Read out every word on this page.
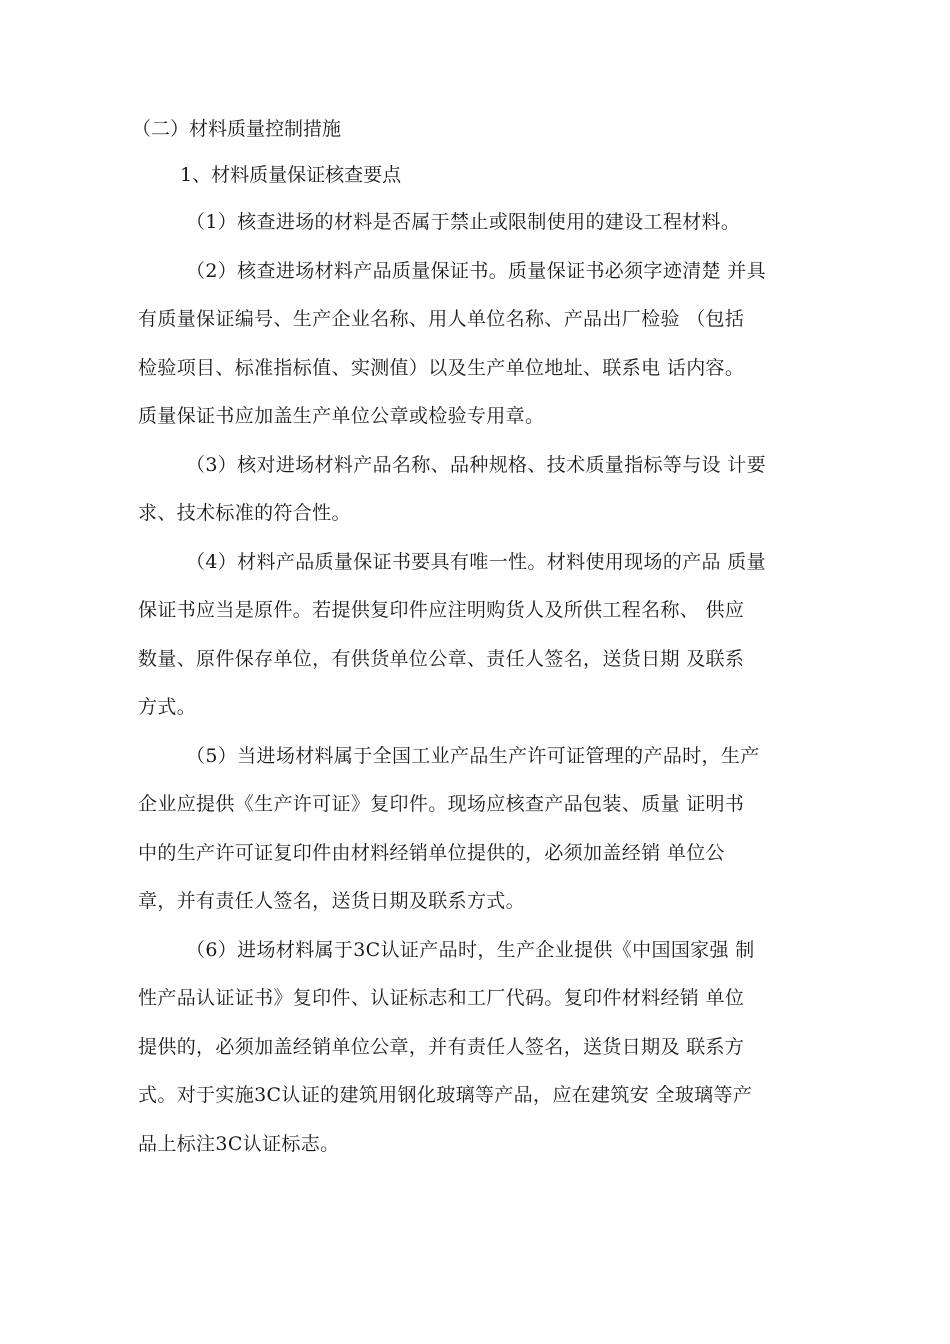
（二）材料质量控制措施

1、材料质量保证核查要点

（1）核查进场的材料是否属于禁止或限制使用的建设工程材料。
（2）核查进场材料产品质量保证书。质量保证书必须字迹清楚 并具
有质量保证编号、生产企业名称、用人单位名称、产品出厂检验 （包括
检验项目、标准指标值、实测值）以及生产单位地址、联系电 话内容。
质量保证书应加盖生产单位公章或检验专用章。
（3）核对进场材料产品名称、品种规格、技术质量指标等与设 计要
求、技术标准的符合性。
（4）材料产品质量保证书要具有唯一性。材料使用现场的产品 质量
保证书应当是原件。若提供复印件应注明购货人及所供工程名称、 供应
数量、原件保存单位，有供货单位公章、责任人签名，送货日期 及联系
方式。
（5）当进场材料属于全国工业产品生产许可证管理的产品时，生产
企业应提供《生产许可证》复印件。现场应核查产品包装、质量 证明书
中的生产许可证复印件由材料经销单位提供的，必须加盖经销 单位公
章，并有责任人签名，送货日期及联系方式。
（6）进场材料属于3C认证产品时，生产企业提供《中国国家强 制
性产品认证证书》复印件、认证标志和工厂代码。复印件材料经销 单位
提供的，必须加盖经销单位公章，并有责任人签名，送货日期及 联系方
式。对于实施3C认证的建筑用钢化玻璃等产品，应在建筑安 全玻璃等产
品上标注3C认证标志。
